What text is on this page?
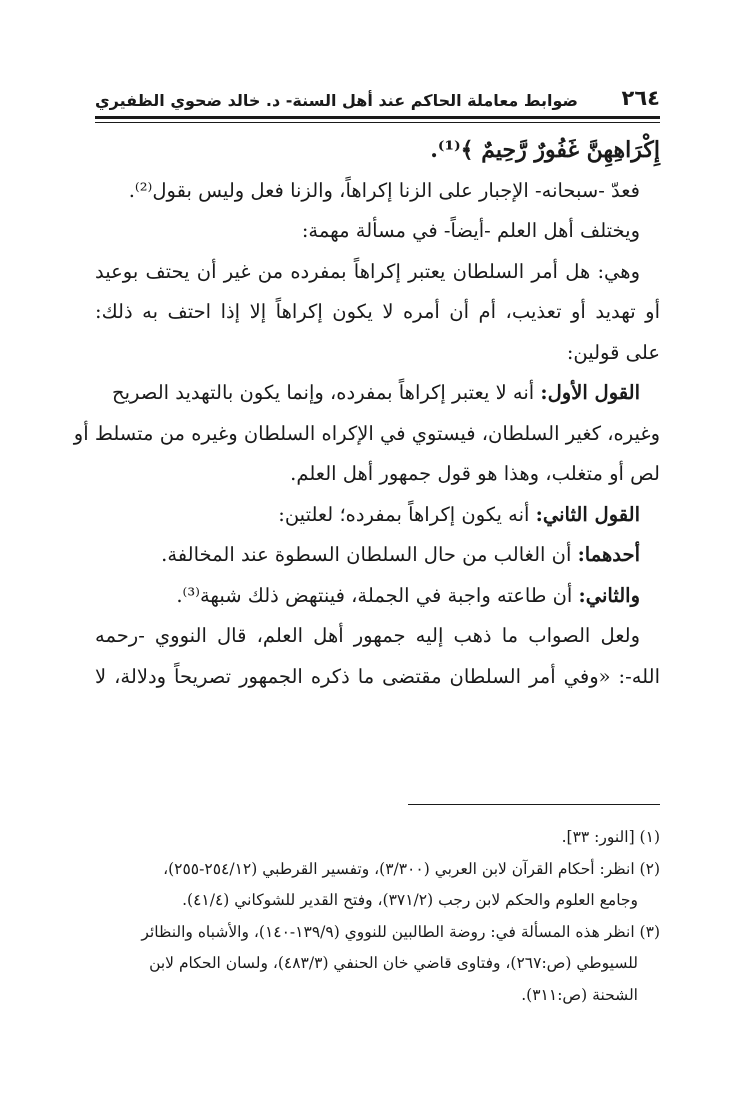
٢٦٤
ضوابط معاملة الحاكم عند أهل السنة- د. خالد ضحوي الظفيري
إِكْرَاهِهِنَّ غَفُورٌ رَّحِيمٌ ﴾⁽¹⁾.
فعدّ -سبحانه- الإجبار على الزنا إكراهاً، والزنا فعل وليس بقول⁽²⁾.
ويختلف أهل العلم -أيضاً- في مسألة مهمة:
وهي: هل أمر السلطان يعتبر إكراهاً بمفرده من غير أن يحتف بوعيد
أو تهديد أو تعذيب، أم أن أمره لا يكون إكراهاً إلا إذا احتف به ذلك:
على قولين:
القول الأول: أنه لا يعتبر إكراهاً بمفرده، وإنما يكون بالتهديد الصريح
وغيره، كغير السلطان، فيستوي في الإكراه السلطان وغيره من متسلط أو
لص أو متغلب، وهذا هو قول جمهور أهل العلم.
القول الثاني: أنه يكون إكراهاً بمفرده؛ لعلتين:
أحدهما: أن الغالب من حال السلطان السطوة عند المخالفة.
والثاني: أن طاعته واجبة في الجملة، فينتهض ذلك شبهة⁽³⁾.
ولعل الصواب ما ذهب إليه جمهور أهل العلم، قال النووي -رحمه
الله-: «وفي أمر السلطان مقتضى ما ذكره الجمهور تصريحاً ودلالة، لا
(١) [النور: ٣٣].
(٢) انظر: أحكام القرآن لابن العربي (٣/٣٠٠)، وتفسير القرطبي (٢٥٤/١٢-٢٥٥)،
وجامع العلوم والحكم لابن رجب (٣٧١/٢)، وفتح القدير للشوكاني (٤١/٤).
(٣) انظر هذه المسألة في: روضة الطالبين للنووي (١٣٩/٩-١٤٠)، والأشباه والنظائر
للسيوطي (ص:٢٦٧)، وفتاوى قاضي خان الحنفي (٤٨٣/٣)، ولسان الحكام لابن
الشحنة (ص:٣١١).
